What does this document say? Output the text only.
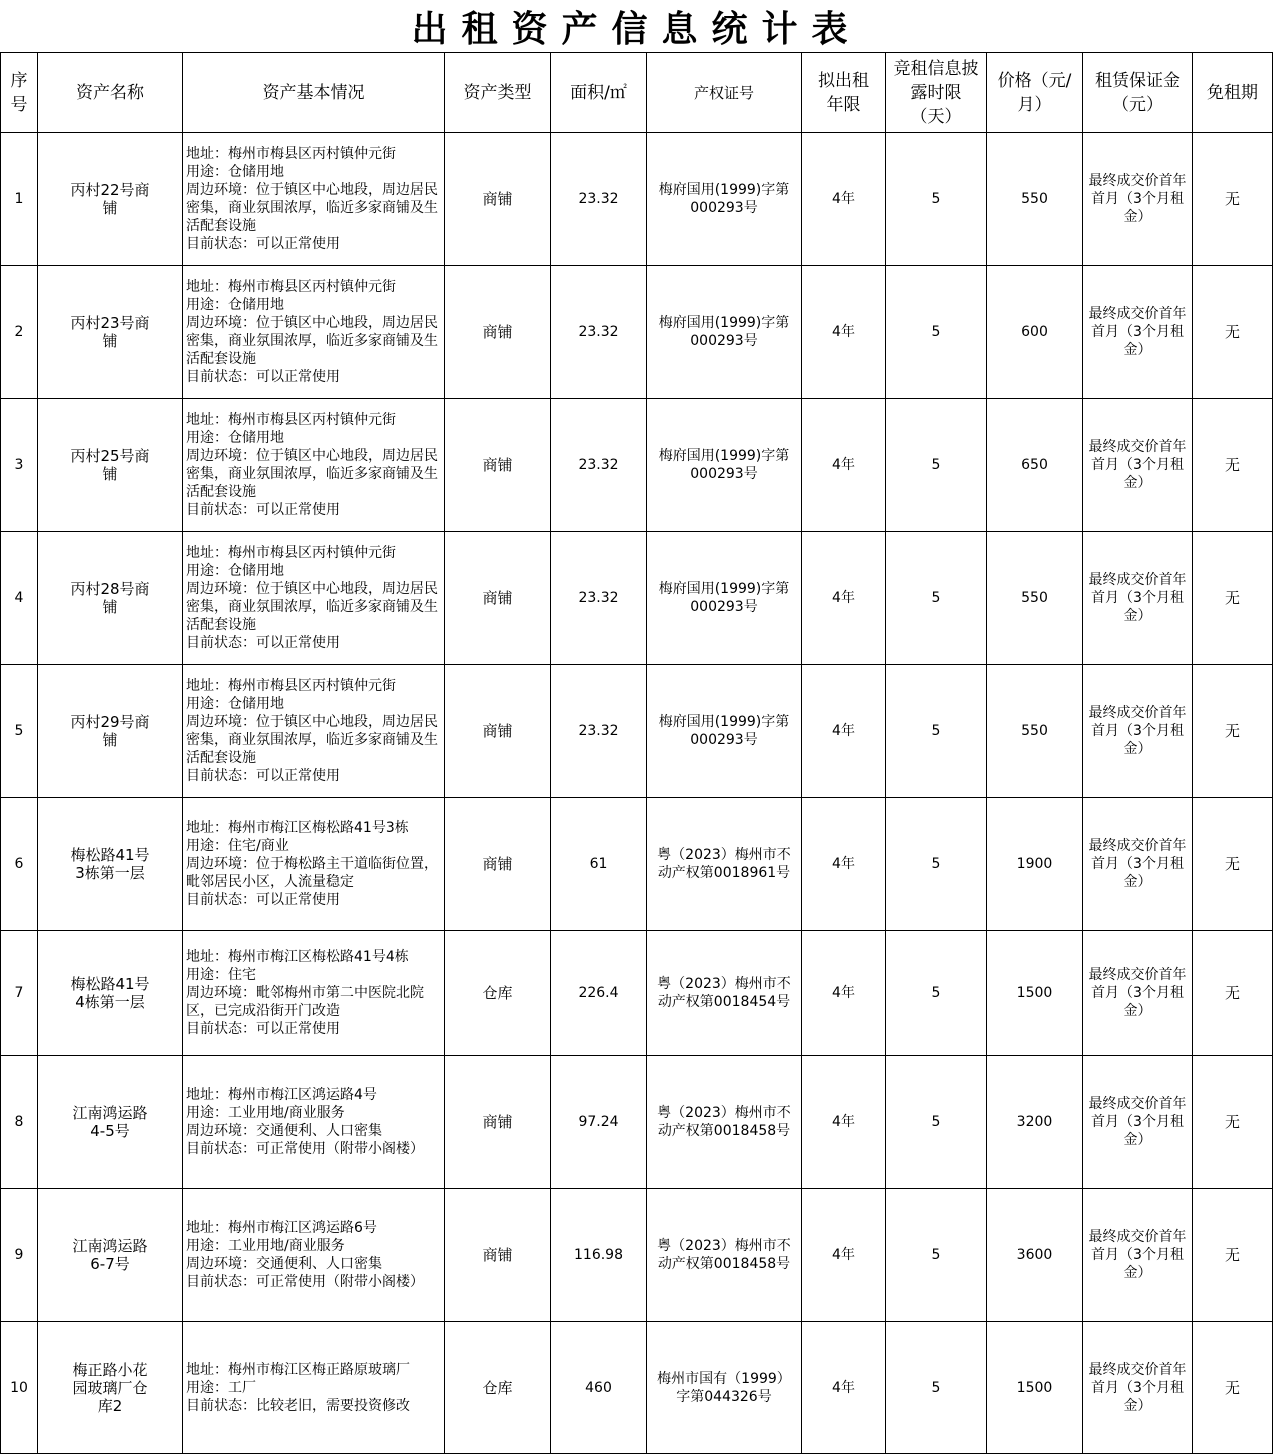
出租资产信息统计表
序号	资产名称	资产基本情况	资产类型	面积/㎡	产权证号	拟出租年限	竞租信息披露时限（天）	价格（元/月）	租赁保证金（元）	免租期
1	丙村22号商铺	地址：梅州市梅县区丙村镇仲元街
用途：仓储用地
周边环境：位于镇区中心地段，周边居民密集，商业氛围浓厚，临近多家商铺及生活配套设施
目前状态：可以正常使用	商铺	23.32	梅府国用(1999)字第000293号	4年	5	550	最终成交价首年首月（3个月租金）	无
2	丙村23号商铺	地址：梅州市梅县区丙村镇仲元街
用途：仓储用地
周边环境：位于镇区中心地段，周边居民密集，商业氛围浓厚，临近多家商铺及生活配套设施
目前状态：可以正常使用	商铺	23.32	梅府国用(1999)字第000293号	4年	5	600	最终成交价首年首月（3个月租金）	无
3	丙村25号商铺	地址：梅州市梅县区丙村镇仲元街
用途：仓储用地
周边环境：位于镇区中心地段，周边居民密集，商业氛围浓厚，临近多家商铺及生活配套设施
目前状态：可以正常使用	商铺	23.32	梅府国用(1999)字第000293号	4年	5	650	最终成交价首年首月（3个月租金）	无
4	丙村28号商铺	地址：梅州市梅县区丙村镇仲元街
用途：仓储用地
周边环境：位于镇区中心地段，周边居民密集，商业氛围浓厚，临近多家商铺及生活配套设施
目前状态：可以正常使用	商铺	23.32	梅府国用(1999)字第000293号	4年	5	550	最终成交价首年首月（3个月租金）	无
5	丙村29号商铺	地址：梅州市梅县区丙村镇仲元街
用途：仓储用地
周边环境：位于镇区中心地段，周边居民密集，商业氛围浓厚，临近多家商铺及生活配套设施
目前状态：可以正常使用	商铺	23.32	梅府国用(1999)字第000293号	4年	5	550	最终成交价首年首月（3个月租金）	无
6	梅松路41号3栋第一层	地址：梅州市梅江区梅松路41号3栋
用途：住宅/商业
周边环境：位于梅松路主干道临街位置，毗邻居民小区，人流量稳定
目前状态：可以正常使用	商铺	61	粤（2023）梅州市不动产权第0018961号	4年	5	1900	最终成交价首年首月（3个月租金）	无
7	梅松路41号4栋第一层	地址：梅州市梅江区梅松路41号4栋
用途：住宅
周边环境：毗邻梅州市第二中医院北院区，已完成沿街开门改造
目前状态：可以正常使用	仓库	226.4	粤（2023）梅州市不动产权第0018454号	4年	5	1500	最终成交价首年首月（3个月租金）	无
8	江南鸿运路4-5号	地址：梅州市梅江区鸿运路4号
用途：工业用地/商业服务
周边环境：交通便利、人口密集
目前状态：可正常使用（附带小阁楼）	商铺	97.24	粤（2023）梅州市不动产权第0018458号	4年	5	3200	最终成交价首年首月（3个月租金）	无
9	江南鸿运路6-7号	地址：梅州市梅江区鸿运路6号
用途：工业用地/商业服务
周边环境：交通便利、人口密集
目前状态：可正常使用（附带小阁楼）	商铺	116.98	粤（2023）梅州市不动产权第0018458号	4年	5	3600	最终成交价首年首月（3个月租金）	无
10	梅正路小花园玻璃厂仓库2	地址：梅州市梅江区梅正路原玻璃厂
用途：工厂
目前状态：比较老旧，需要投资修改	仓库	460	梅州市国有（1999）字第044326号	4年	5	1500	最终成交价首年首月（3个月租金）	无
